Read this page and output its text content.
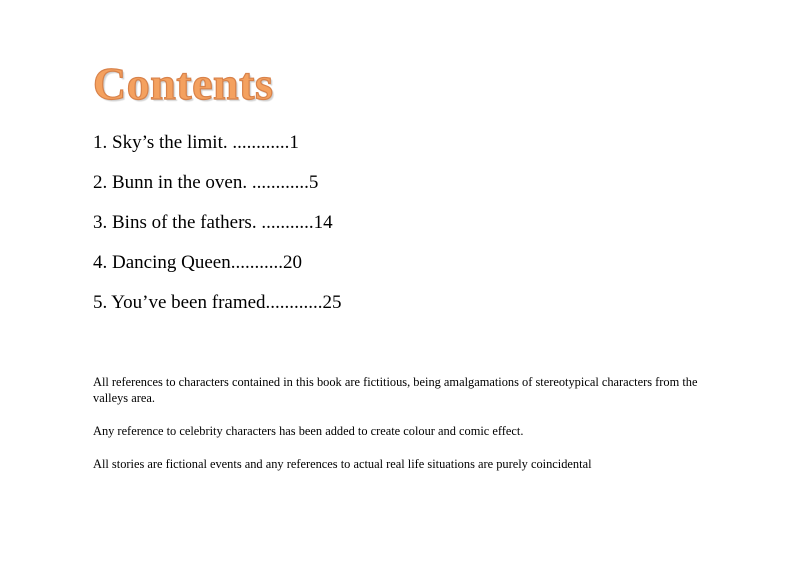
Contents
1. Sky’s the limit. ............1
2. Bunn in the oven. ............5
3. Bins of the fathers. ...........14
4. Dancing Queen...........20
5. You’ve been framed............25

All references to characters contained in this book are fictitious, being amalgamations of stereotypical characters from the valleys area.

Any reference to celebrity characters has been added to create colour and comic effect.

All stories are fictional events and any references to actual real life situations are purely coincidental
